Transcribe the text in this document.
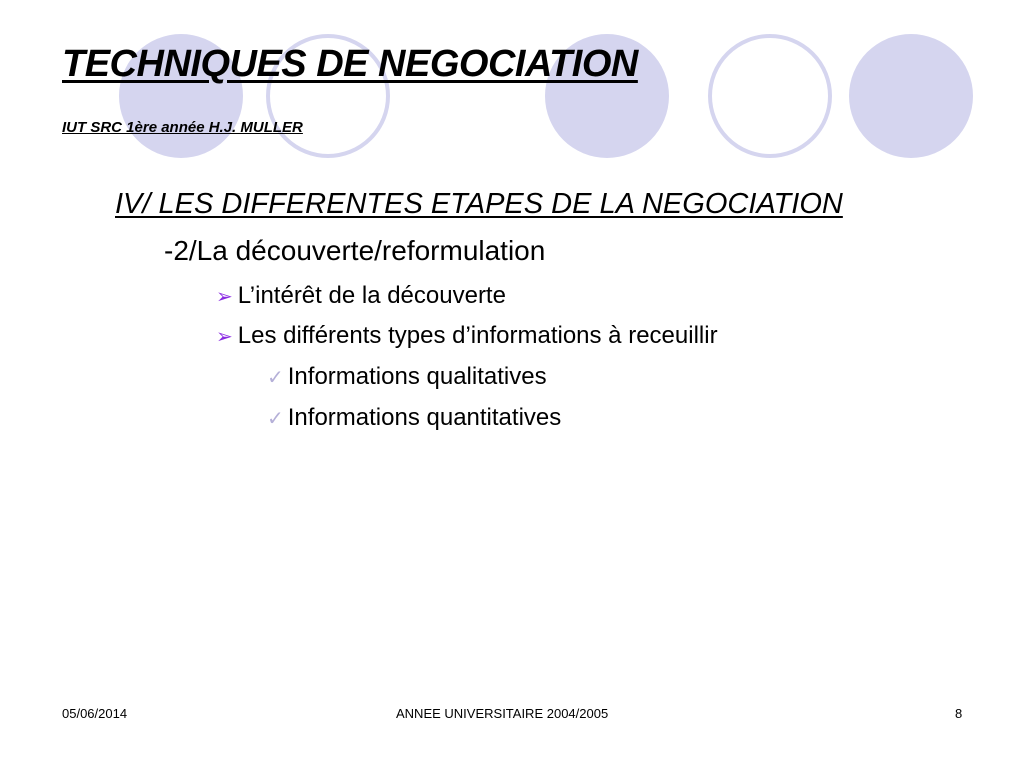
TECHNIQUES DE NEGOCIATION
IUT SRC 1ère année H.J. MULLER
IV/ LES DIFFERENTES ETAPES DE LA NEGOCIATION
-2/La découverte/reformulation
➢ L’intérêt de la découverte
➢ Les différents types d’informations à receuillir
✓ Informations qualitatives
✓ Informations quantitatives
05/06/2014	ANNEE UNIVERSITAIRE 2004/2005	8
